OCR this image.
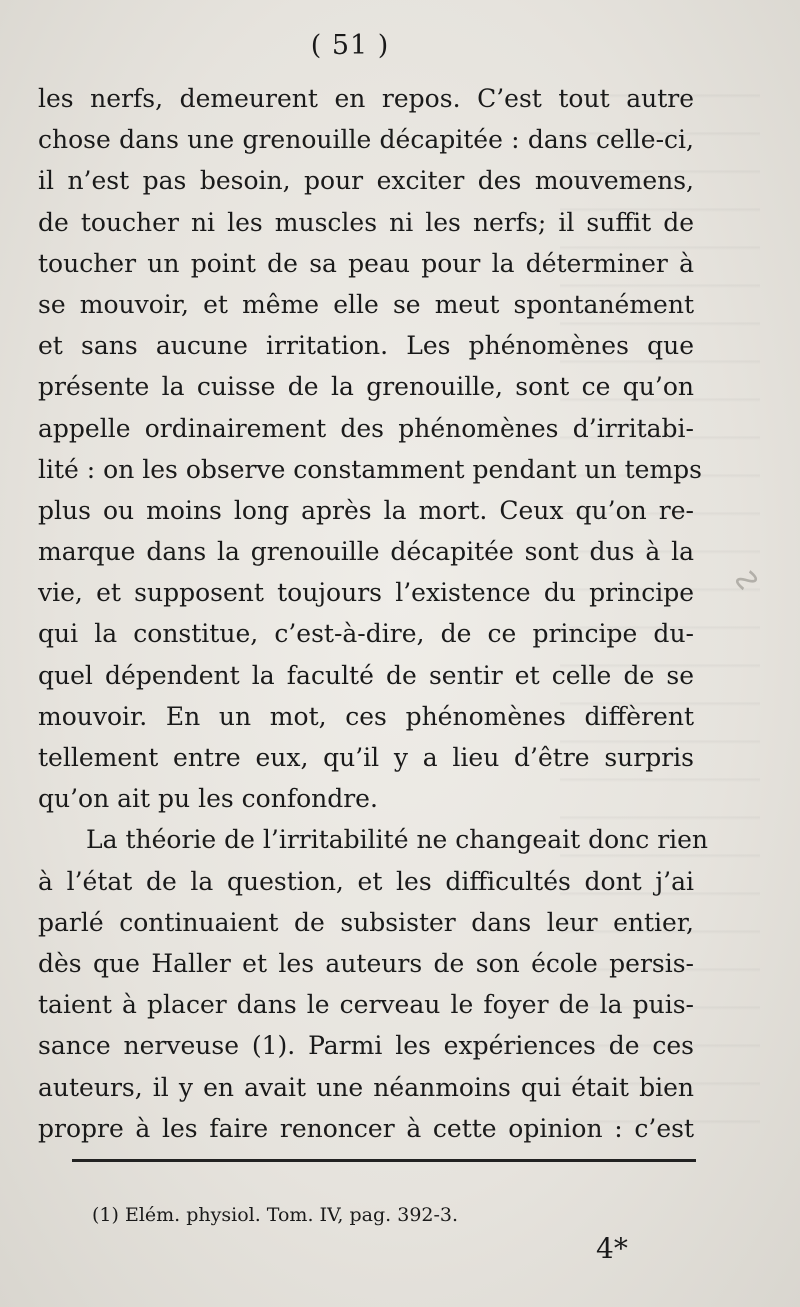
∿
( 51 )
les nerfs, demeurent en repos. C’est tout autre
chose dans une grenouille décapitée : dans celle-ci,
il n’est pas besoin, pour exciter des mouvemens,
de toucher ni les muscles ni les nerfs; il suffit de
toucher un point de sa peau pour la déterminer à
se mouvoir, et même elle se meut spontanément
et sans aucune irritation. Les phénomènes que
présente la cuisse de la grenouille, sont ce qu’on
appelle ordinairement des phénomènes d’irritabi-
lité : on les observe constamment pendant un temps
plus ou moins long après la mort. Ceux qu’on re-
marque dans la grenouille décapitée sont dus à la
vie, et supposent toujours l’existence du principe
qui la constitue, c’est-à-dire, de ce principe du-
quel dépendent la faculté de sentir et celle de se
mouvoir. En un mot, ces phénomènes diffèrent
tellement entre eux, qu’il y a lieu d’être surpris
qu’on ait pu les confondre.
La théorie de l’irritabilité ne changeait donc rien
à l’état de la question, et les difficultés dont j’ai
parlé continuaient de subsister dans leur entier,
dès que Haller et les auteurs de son école persis-
taient à placer dans le cerveau le foyer de la puis-
sance nerveuse (1). Parmi les expériences de ces
auteurs, il y en avait une néanmoins qui était bien
propre à les faire renoncer à cette opinion : c’est
(1) Elém. physiol. Tom. IV, pag. 392-3.
4*
